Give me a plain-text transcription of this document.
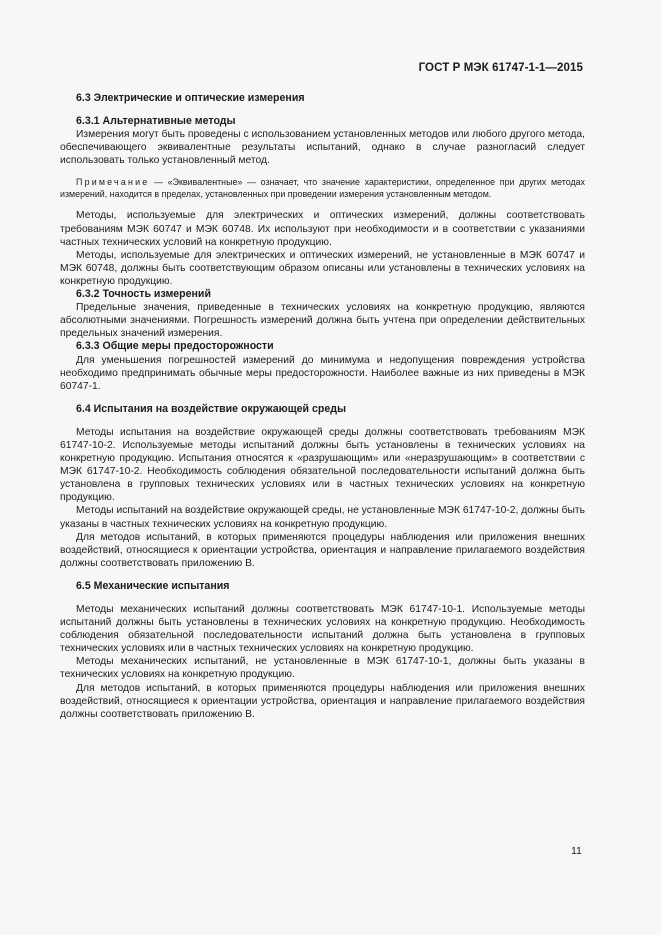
ГОСТ Р МЭК 61747-1-1—2015
6.3 Электрические и оптические измерения
6.3.1 Альтернативные методы

Измерения могут быть проведены с использованием установленных методов или любого другого метода, обеспечивающего эквивалентные результаты испытаний, однако в случае разногласий следует использовать только установленный метод.

Примечание — «Эквивалентные» — означает, что значение характеристики, определенное при других методах измерений, находится в пределах, установленных при проведении измерения установленным методом.

Методы, используемые для электрических и оптических измерений, должны соответствовать требованиям МЭК 60747 и МЭК 60748. Их используют при необходимости и в соответствии с указаниями частных технических условий на конкретную продукцию.

Методы, используемые для электрических и оптических измерений, не установленные в МЭК 60747 и МЭК 60748, должны быть соответствующим образом описаны или установлены в технических условиях на конкретную продукцию.

6.3.2 Точность измерений

Предельные значения, приведенные в технических условиях на конкретную продукцию, являются абсолютными значениями. Погрешность измерений должна быть учтена при определении действительных предельных значений измерения.

6.3.3 Общие меры предосторожности

Для уменьшения погрешностей измерений до минимума и недопущения повреждения устройства необходимо предпринимать обычные меры предосторожности. Наиболее важные из них приведены в МЭК 60747-1.

6.4 Испытания на воздействие окружающей среды

Методы испытания на воздействие окружающей среды должны соответствовать требованиям МЭК 61747-10-2. Используемые методы испытаний должны быть установлены в технических условиях на конкретную продукцию. Испытания относятся к «разрушающим» или «неразрушающим» в соответствии с МЭК 61747-10-2. Необходимость соблюдения обязательной последовательности испытаний должна быть установлена в групповых технических условиях или в частных технических условиях на конкретную продукцию.

Методы испытаний на воздействие окружающей среды, не установленные МЭК 61747-10-2, должны быть указаны в частных технических условиях на конкретную продукцию.

Для методов испытаний, в которых применяются процедуры наблюдения или приложения внешних воздействий, относящиеся к ориентации устройства, ориентация и направление прилагаемого воздействия должны соответствовать приложению В.

6.5 Механические испытания

Методы механических испытаний должны соответствовать МЭК 61747-10-1. Используемые методы испытаний должны быть установлены в технических условиях на конкретную продукцию. Необходимость соблюдения обязательной последовательности испытаний должна быть установлена в групповых технических условиях или в частных технических условиях на конкретную продукцию.

Методы механических испытаний, не установленные в МЭК 61747-10-1, должны быть указаны в технических условиях на конкретную продукцию.

Для методов испытаний, в которых применяются процедуры наблюдения или приложения внешних воздействий, относящиеся к ориентации устройства, ориентация и направление прилагаемого воздействия должны соответствовать приложению В.

11
